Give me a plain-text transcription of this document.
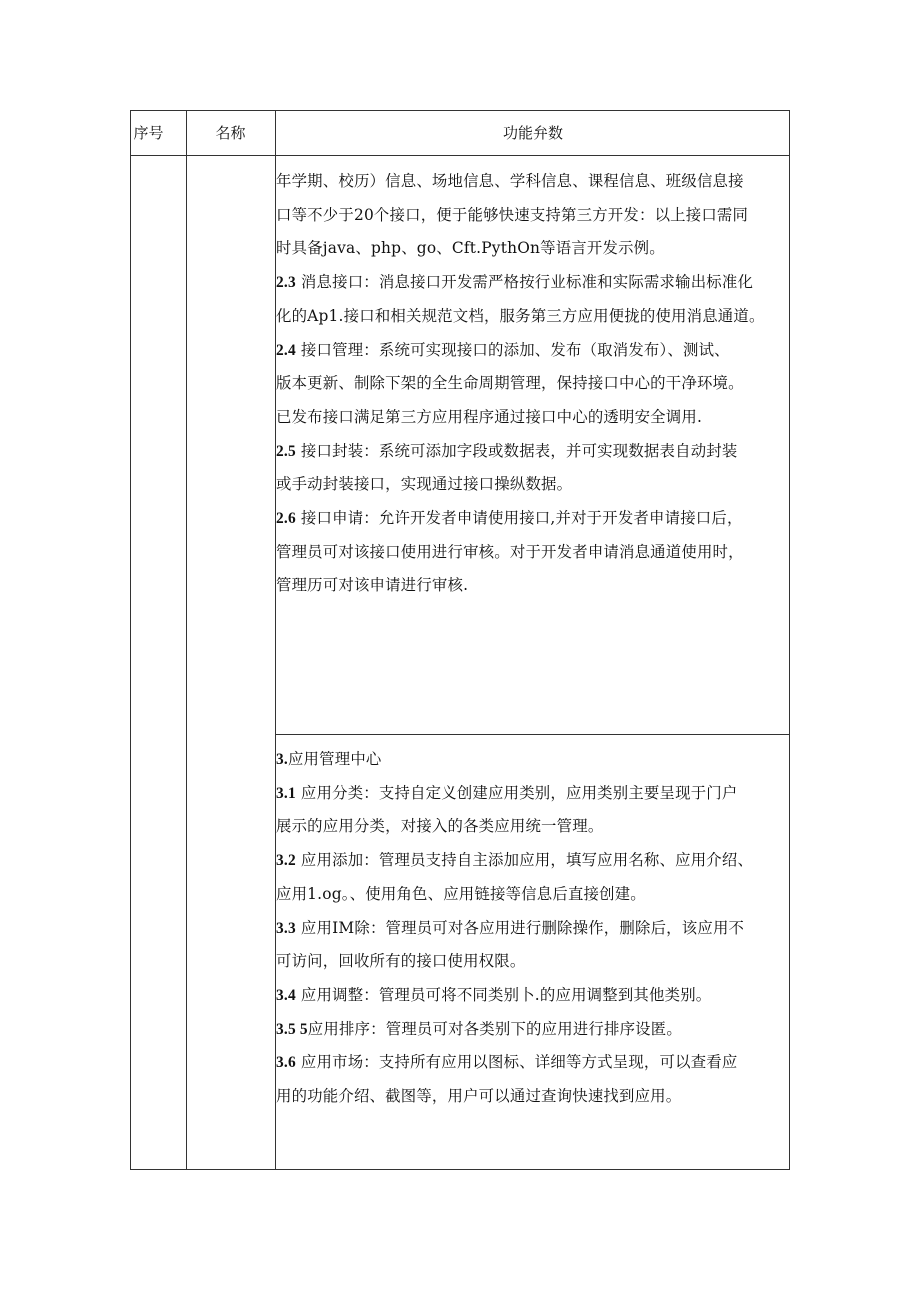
序号	名称	功能弁数

年学期、校历）信息、场地信息、学科信息、课程信息、班级信息接

口等不少于20个接口，便于能够快速支持第三方开发：以上接口需同

时具备java、php、go、Cft.PythOn等语言开发示例。

2.3 消息接口：消息接口开发需严格按行业标准和实际需求输出标准化

化的Ap1.接口和相关规范文档，服务第三方应用便拢的使用消息通道。

2.4 接口管理：系统可实现接口的添加、发布（取消发布）、测试、

版本更新、制除下架的全生命周期管理，保持接口中心的干净环境。

已发布接口满足第三方应用程序通过接口中心的透明安全调用.

2.5 接口封装：系统可添加字段或数据表，并可实现数据表自动封装

或手动封装接口，实现通过接口操纵数据。

2.6 接口申请：允许开发者申请使用接口,并对于开发者申请接口后，

管理员可对该接口使用进行审核。对于开发者申请消息通道使用时，

管理历可对该申请进行审核.

3.应用管理中心

3.1 应用分类：支持自定义创建应用类别，应用类别主要呈现于门户

展示的应用分类，对接入的各类应用统一管理。

3.2 应用添加：管理员支持自主添加应用，填写应用名称、应用介绍、

应用1.og。、使用角色、应用链接等信息后直接创建。

3.3 应用IM除：管理员可对各应用进行删除操作，删除后，该应用不

可访问，回收所有的接口使用权限。

3.4 应用调整：管理员可将不同类别卜.的应用调整到其他类别。

3.5 5应用排序：管理员可对各类别下的应用进行排序设匿。

3.6 应用市场：支持所有应用以图标、详细等方式呈现，可以查看应

用的功能介绍、截图等，用户可以通过查询快速找到应用。
